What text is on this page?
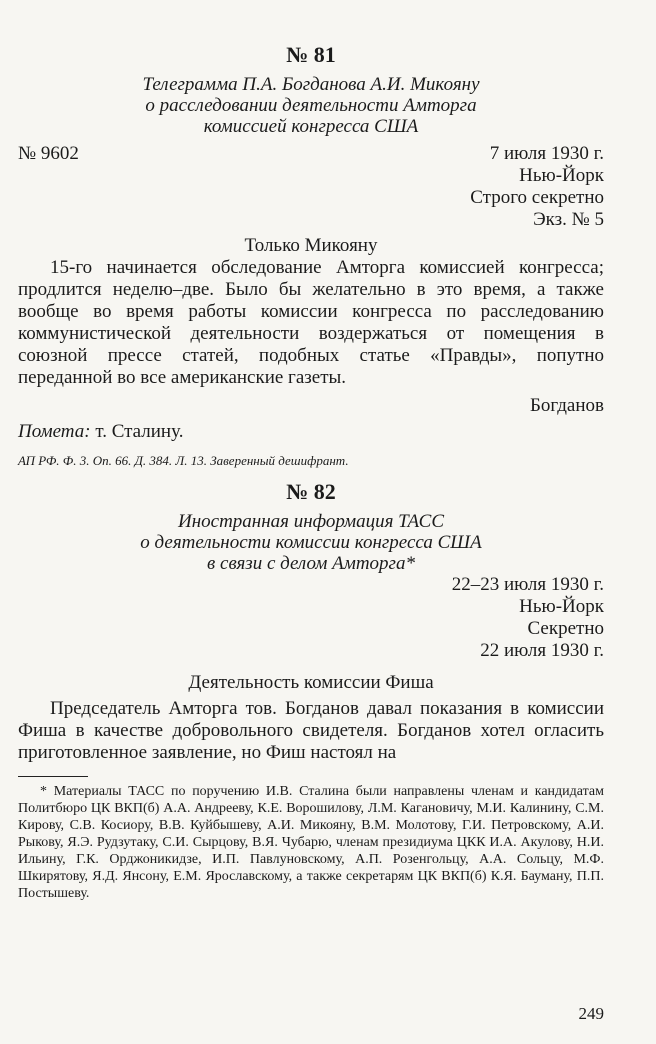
№ 81
Телеграмма П.А. Богданова А.И. Микояну
о расследовании деятельности Амторга
комиссией конгресса США
№ 9602	7 июля 1930 г.
Нью-Йорк
Строго секретно
Экз. № 5
Только Микояну

15-го начинается обследование Амторга комиссией конгресса; продлится неделю–две. Было бы желательно в это время, а также вообще во время работы комиссии конгресса по расследованию коммунистической деятельности воздержаться от помещения в союзной прессе статей, подобных статье «Правды», попутно переданной во все американские газеты.

Богданов
Помета: т. Сталину.
АП РФ. Ф. 3. Оп. 66. Д. 384. Л. 13. Заверенный дешифрант.
№ 82
Иностранная информация ТАСС
о деятельности комиссии конгресса США
в связи с делом Амторга*
22–23 июля 1930 г.
Нью-Йорк
Секретно
22 июля 1930 г.
Деятельность комиссии Фиша

Председатель Амторга тов. Богданов давал показания в комиссии Фиша в качестве добровольного свидетеля. Богданов хотел огласить приготовленное заявление, но Фиш настоял на

* Материалы ТАСС по поручению И.В. Сталина были направлены членам и кандидатам Политбюро ЦК ВКП(б) А.А. Андрееву, К.Е. Ворошилову, Л.М. Кагановичу, М.И. Калинину, С.М. Кирову, С.В. Косиору, В.В. Куйбышеву, А.И. Микояну, В.М. Молотову, Г.И. Петровскому, А.И. Рыкову, Я.Э. Рудзутаку, С.И. Сырцову, В.Я. Чубарю, членам президиума ЦКК И.А. Акулову, Н.И. Ильину, Г.К. Орджоникидзе, И.П. Павлуновскому, А.П. Розенгольцу, А.А. Сольцу, М.Ф. Шкирятову, Я.Д. Янсону, Е.М. Ярославскому, а также секретарям ЦК ВКП(б) К.Я. Бауману, П.П. Постышеву.
249
